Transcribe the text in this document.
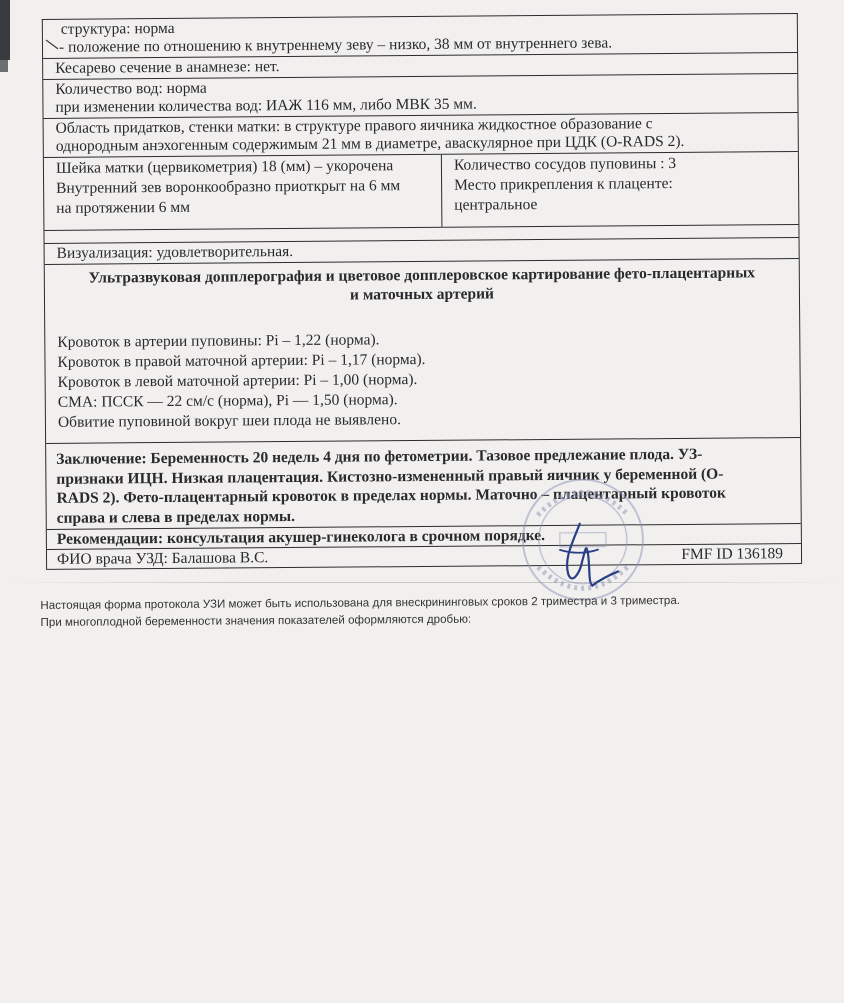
структура: норма
- положение по отношению к внутреннему зеву – низко, 38 мм от внутреннего зева.
Кесарево сечение в анамнезе: нет.
Количество вод: норма
при изменении количества вод: ИАЖ 116 мм, либо МВК 35 мм.
Область придатков, стенки матки: в структуре правого яичника жидкостное образование с
однородным анэхогенным содержимым 21 мм в диаметре, аваскулярное при ЦДК (O-RADS 2).
Шейка матки (цервикометрия) 18 (мм) – укорочена
Внутренний зев воронкообразно приоткрыт на 6 мм
на протяжении 6 мм
Количество сосудов пуповины : 3
Место прикрепления к плаценте:
центральное
Визуализация: удовлетворительная.
Ультразвуковая допплерография и цветовое допплеровское картирование фето-плацентарных
и маточных артерий
Кровоток в артерии пуповины: Pi – 1,22 (норма).
Кровоток в правой маточной артерии: Pi – 1,17 (норма).
Кровоток в левой маточной артерии: Pi – 1,00 (норма).
СМА: ПССК — 22 см/с (норма), Pi — 1,50 (норма).
Обвитие пуповиной вокруг шеи плода не выявлено.
Заключение: Беременность 20 недель 4 дня по фетометрии. Тазовое предлежание плода. УЗ-
признаки ИЦН. Низкая плацентация. Кистозно-измененный правый яичник у беременной (O-
RADS 2). Фето-плацентарный кровоток в пределах нормы. Маточно – плацентарный кровоток
справа и слева в пределах нормы.
Рекомендации: консультация акушер-гинеколога в срочном порядке.
ФИО врача УЗД: Балашова В.С.	FMF ID 136189
Настоящая форма протокола УЗИ может быть использована для внескрининговых сроков 2 триместра и 3 триместра.
При многоплодной беременности значения показателей оформляются дробью:
